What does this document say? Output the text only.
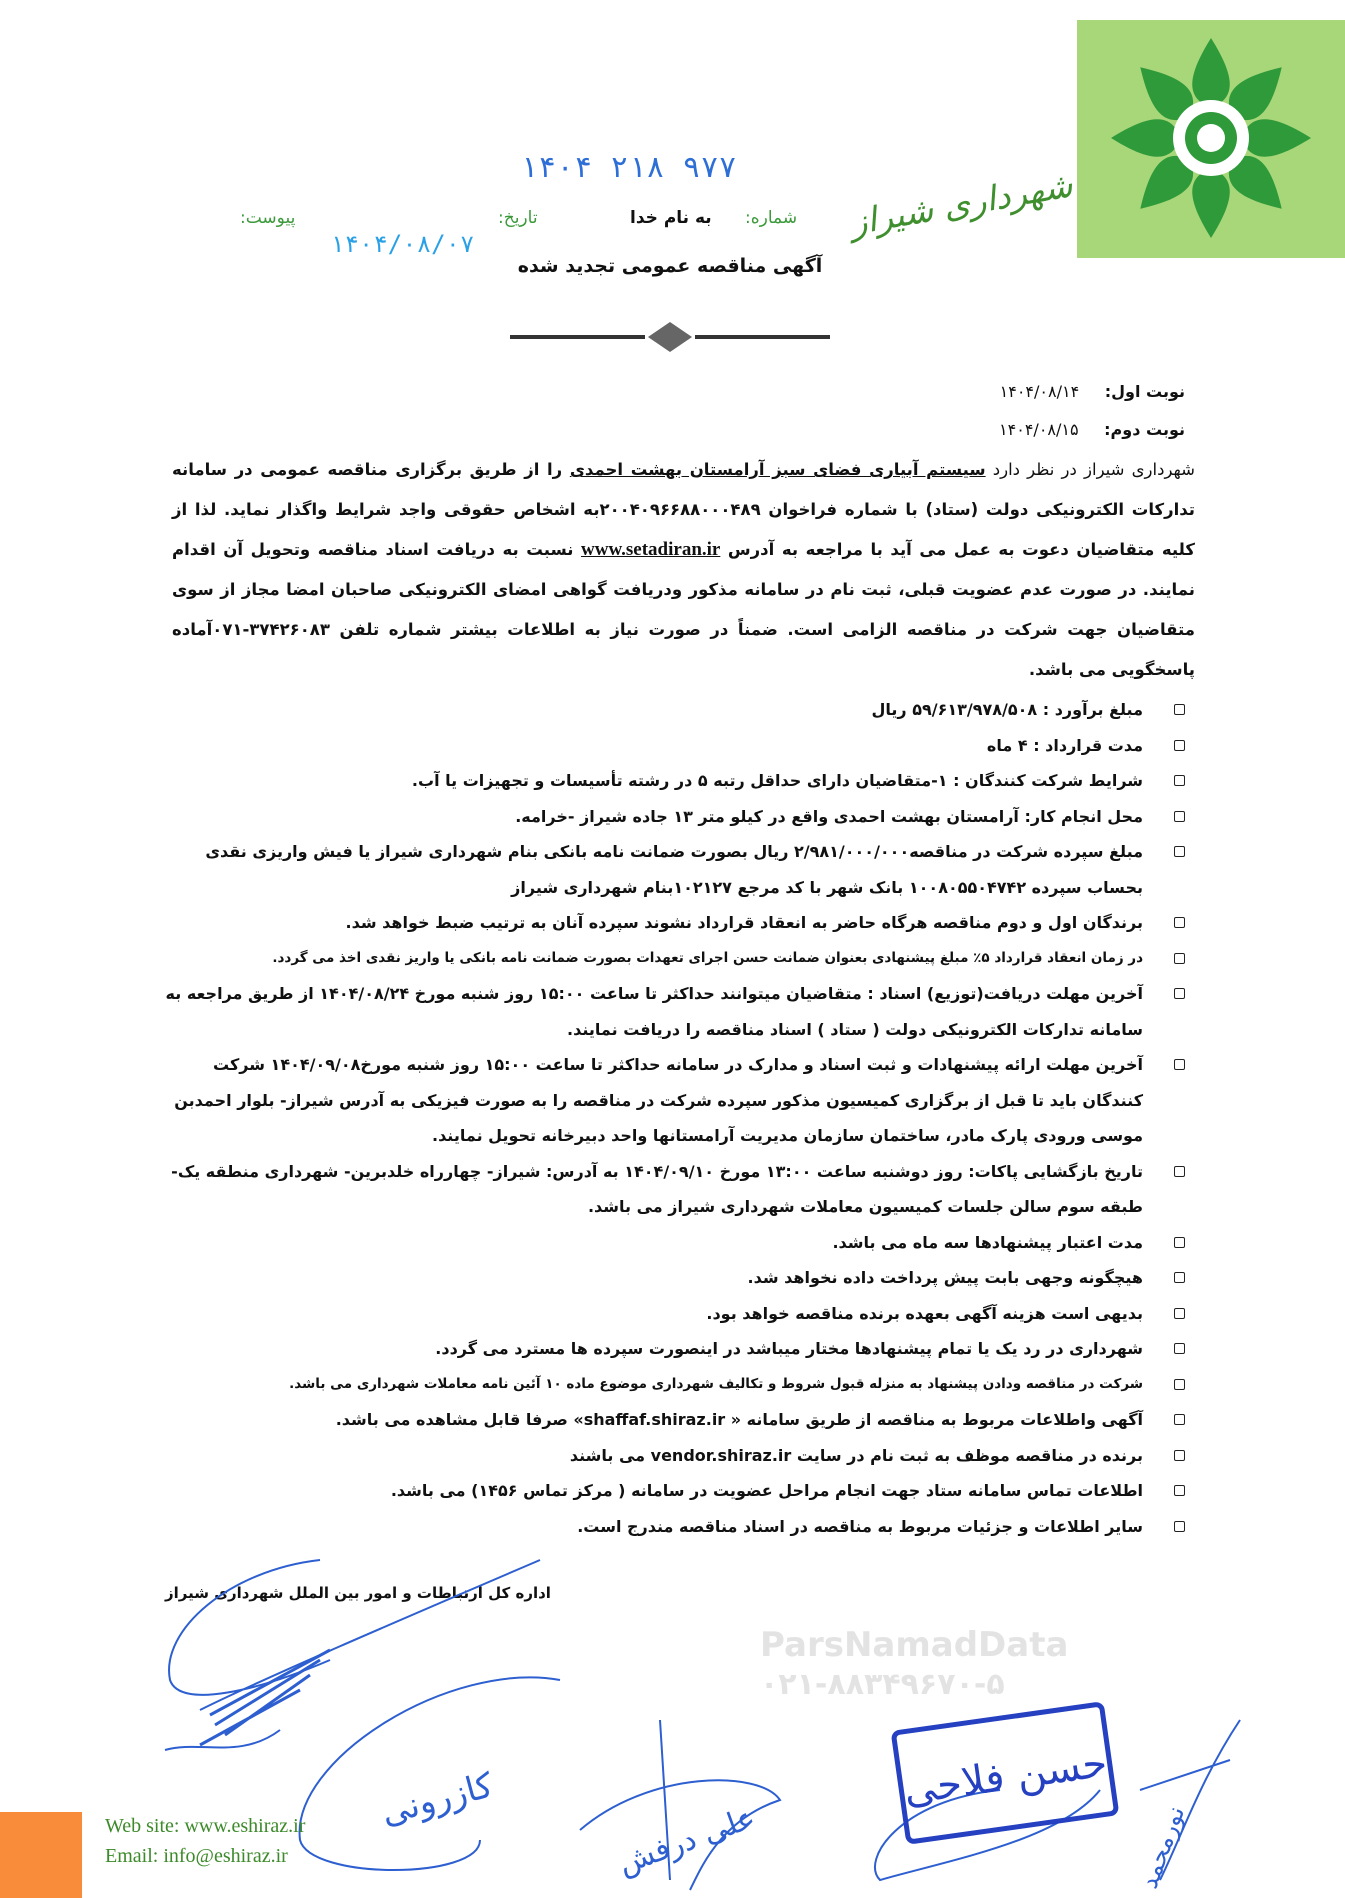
شهرداری شیراز
۱۴۰۴ ۲۱۸ ۹۷۷
شماره:
به نام خدا
تاریخ:
۱۴۰۴/۰۸/۰۷
پیوست:
آگهی مناقصه عمومی تجدید شده
نوبت اول: ۱۴۰۴/۰۸/۱۴
نوبت دوم: ۱۴۰۴/۰۸/۱۵
شهرداری شیراز در نظر دارد سیستم آبیاری فضای سبز آرامستان بهشت احمدی را از طریق برگزاری مناقصه عمومی در سامانه تدارکات الکترونیکی دولت (ستاد) با شماره فراخوان ۲۰۰۴۰۹۶۶۸۸۰۰۰۴۸۹به اشخاص حقوقی واجد شرایط واگذار نماید. لذا از کلیه متقاضیان دعوت به عمل می آید با مراجعه به آدرس www.setadiran.ir نسبت به دریافت اسناد مناقصه وتحویل آن اقدام نمایند. در صورت عدم عضویت قبلی، ثبت نام در سامانه مذکور ودریافت گواهی امضای الکترونیکی صاحبان امضا مجاز از سوی متقاضیان جهت شرکت در مناقصه الزامی است. ضمناً در صورت نیاز به اطلاعات بیشتر شماره تلفن ۳۷۴۲۶۰۸۳-۰۷۱آماده پاسخگویی می باشد.
مبلغ برآورد : ۵۹/۶۱۳/۹۷۸/۵۰۸ ریال
مدت قرارداد : ۴ ماه
شرایط شرکت کنندگان : ۱-متقاضیان دارای حداقل رتبه ۵ در رشته تأسیسات و تجهیزات یا آب.
محل انجام کار: آرامستان بهشت احمدی واقع در کیلو متر ۱۳ جاده شیراز -خرامه.
مبلغ سپرده شرکت در مناقصه۲/۹۸۱/۰۰۰/۰۰۰ ریال بصورت ضمانت نامه بانکی بنام شهرداری شیراز یا فیش واریزی نقدی بحساب سپرده ۱۰۰۸۰۵۵۰۴۷۴۲ بانک شهر با کد مرجع ۱۰۲۱۲۷بنام شهرداری شیراز
برندگان اول و دوم مناقصه هرگاه حاضر به انعقاد قرارداد نشوند سپرده آنان به ترتیب ضبط خواهد شد.
در زمان انعقاد قرارداد ۵٪ مبلغ پیشنهادی بعنوان ضمانت حسن اجرای تعهدات بصورت ضمانت نامه بانکی یا واریز نقدی اخذ می گردد.
آخرین مهلت دریافت(توزیع) اسناد : متقاضیان میتوانند حداکثر تا ساعت ۱۵:۰۰ روز شنبه مورخ ۱۴۰۴/۰۸/۲۴ از طریق مراجعه به سامانه تدارکات الکترونیکی دولت ( ستاد ) اسناد مناقصه را دریافت نمایند.
آخرین مهلت ارائه پیشنهادات و ثبت اسناد و مدارک در سامانه حداکثر تا ساعت ۱۵:۰۰ روز شنبه مورخ۱۴۰۴/۰۹/۰۸ شرکت کنندگان باید تا قبل از برگزاری کمیسیون مذکور سپرده شرکت در مناقصه را به صورت فیزیکی به آدرس شیراز- بلوار احمدبن موسی ورودی پارک مادر، ساختمان سازمان مدیریت آرامستانها واحد دبیرخانه تحویل نمایند.
تاریخ بازگشایی پاکات: روز دوشنبه ساعت ۱۳:۰۰ مورخ ۱۴۰۴/۰۹/۱۰ به آدرس: شیراز- چهارراه خلدبرین- شهرداری منطقه یک- طبقه سوم سالن جلسات کمیسیون معاملات شهرداری شیراز می باشد.
مدت اعتبار پیشنهادها سه ماه می باشد.
هیچگونه وجهی بابت پیش پرداخت داده نخواهد شد.
بدیهی است هزینه آگهی بعهده برنده مناقصه خواهد بود.
شهرداری در رد یک یا تمام پیشنهادها مختار میباشد در اینصورت سپرده ها مسترد می گردد.
شرکت در مناقصه ودادن پیشنهاد به منزله قبول شروط و تکالیف شهرداری موضوع ماده ۱۰ آئین نامه معاملات شهرداری می باشد.
آگهی واطلاعات مربوط به مناقصه از طریق سامانه « shaffaf.shiraz.ir» صرفا قابل مشاهده می باشد.
برنده در مناقصه موظف به ثبت نام در سایت vendor.shiraz.ir می باشند
اطلاعات تماس سامانه ستاد جهت انجام مراحل عضویت در سامانه ( مرکز تماس ۱۴۵۶) می باشد.
سایر اطلاعات و جزئیات مربوط به مناقصه در اسناد مناقصه مندرج است.
اداره کل ارتباطات و امور بین الملل شهرداری شیراز
ParsNamadData
۰۲۱-۸۸۳۴۹۶۷۰-۵
حسن فلاحی
کازرونی
علی درفش	نورمحمد
Web site: www.eshiraz.ir
Email: info@eshiraz.ir
